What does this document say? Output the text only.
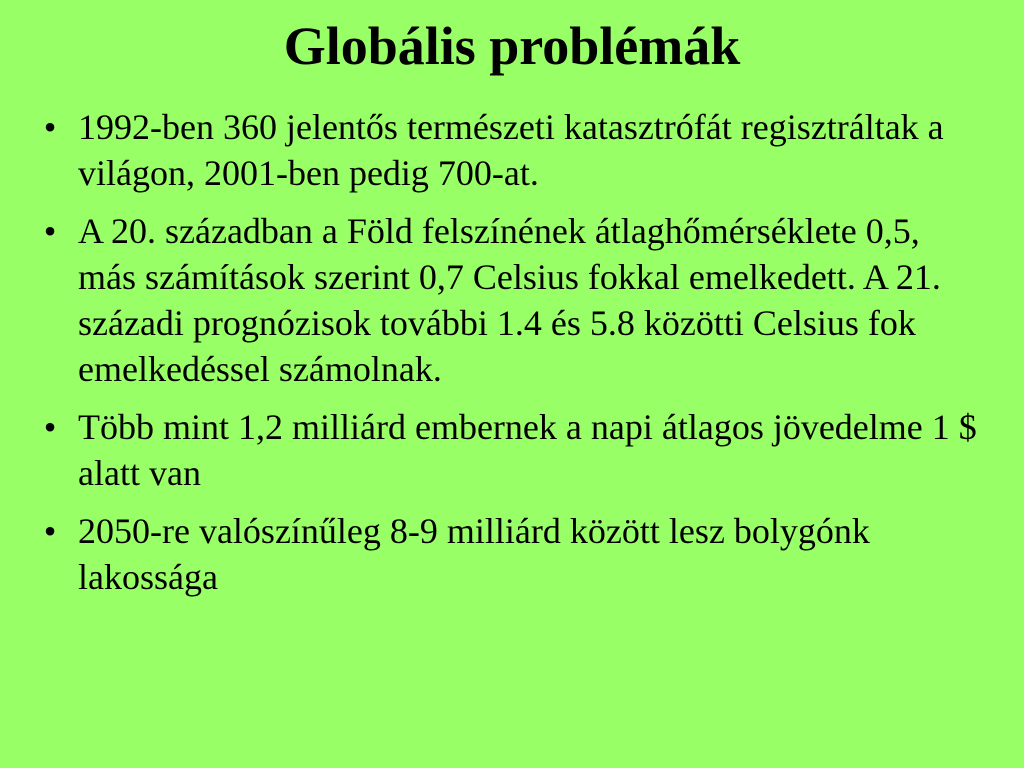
Globális problémák
• 1992-ben 360 jelentős természeti katasztrófát regisztráltak a világon, 2001-ben pedig 700-at.
• A 20. században a Föld felszínének átlaghőmérséklete 0,5, más számítások szerint 0,7 Celsius fokkal emelkedett. A 21. századi prognózisok további 1.4 és 5.8 közötti Celsius fok emelkedéssel számolnak.
• Több mint 1,2 milliárd embernek a napi átlagos jövedelme 1 $ alatt van
• 2050-re valószínűleg 8-9 milliárd között lesz bolygónk lakossága
